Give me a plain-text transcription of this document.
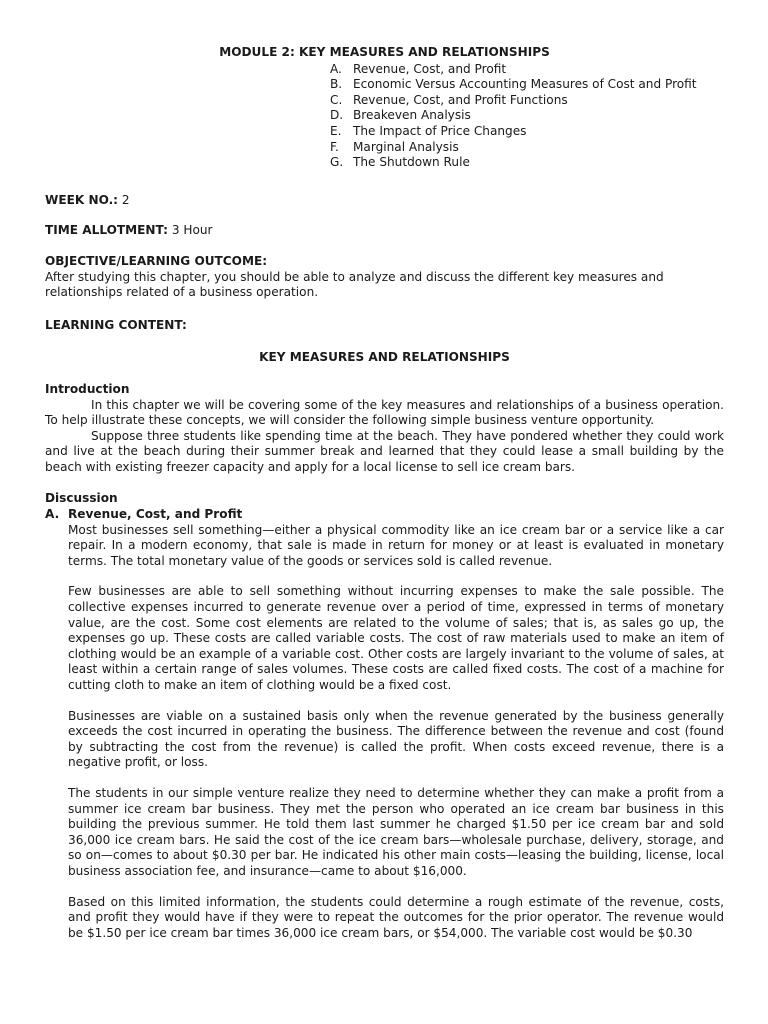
MODULE 2: KEY MEASURES AND RELATIONSHIPS
A. Revenue, Cost, and Profit
B. Economic Versus Accounting Measures of Cost and Profit
C. Revenue, Cost, and Profit Functions
D. Breakeven Analysis
E. The Impact of Price Changes
F.	Marginal Analysis
G. The Shutdown Rule
WEEK NO.: 2
TIME ALLOTMENT: 3 Hour
OBJECTIVE/LEARNING OUTCOME:

After studying this chapter, you should be able to analyze and discuss the different key measures and relationships related of a business operation.

LEARNING CONTENT:
KEY MEASURES AND RELATIONSHIPS
Introduction

In this chapter we will be covering some of the key measures and relationships of a business operation. To help illustrate these concepts, we will consider the following simple business venture opportunity.

Suppose three students like spending time at the beach. They have pondered whether they could work and live at the beach during their summer break and learned that they could lease a small building by the beach with existing freezer capacity and apply for a local license to sell ice cream bars.

Discussion
A. Revenue, Cost, and Profit

Most businesses sell something—either a physical commodity like an ice cream bar or a service like a car repair. In a modern economy, that sale is made in return for money or at least is evaluated in monetary terms. The total monetary value of the goods or services sold is called revenue.

Few businesses are able to sell something without incurring expenses to make the sale possible. The collective expenses incurred to generate revenue over a period of time, expressed in terms of monetary value, are the cost. Some cost elements are related to the volume of sales; that is, as sales go up, the expenses go up. These costs are called variable costs. The cost of raw materials used to make an item of clothing would be an example of a variable cost. Other costs are largely invariant to the volume of sales, at least within a certain range of sales volumes. These costs are called fixed costs. The cost of a machine for cutting cloth to make an item of clothing would be a fixed cost.

Businesses are viable on a sustained basis only when the revenue generated by the business generally exceeds the cost incurred in operating the business. The difference between the revenue and cost (found by subtracting the cost from the revenue) is called the profit. When costs exceed revenue, there is a negative profit, or loss.

The students in our simple venture realize they need to determine whether they can make a profit from a summer ice cream bar business. They met the person who operated an ice cream bar business in this building the previous summer. He told them last summer he charged $1.50 per ice cream bar and sold 36,000 ice cream bars. He said the cost of the ice cream bars—wholesale purchase, delivery, storage, and so on—comes to about $0.30 per bar. He indicated his other main costs—leasing the building, license, local business association fee, and insurance—came to about $16,000.

Based on this limited information, the students could determine a rough estimate of the revenue, costs, and profit they would have if they were to repeat the outcomes for the prior operator. The revenue would be $1.50 per ice cream bar times 36,000 ice cream bars, or $54,000. The variable cost would be $0.30
